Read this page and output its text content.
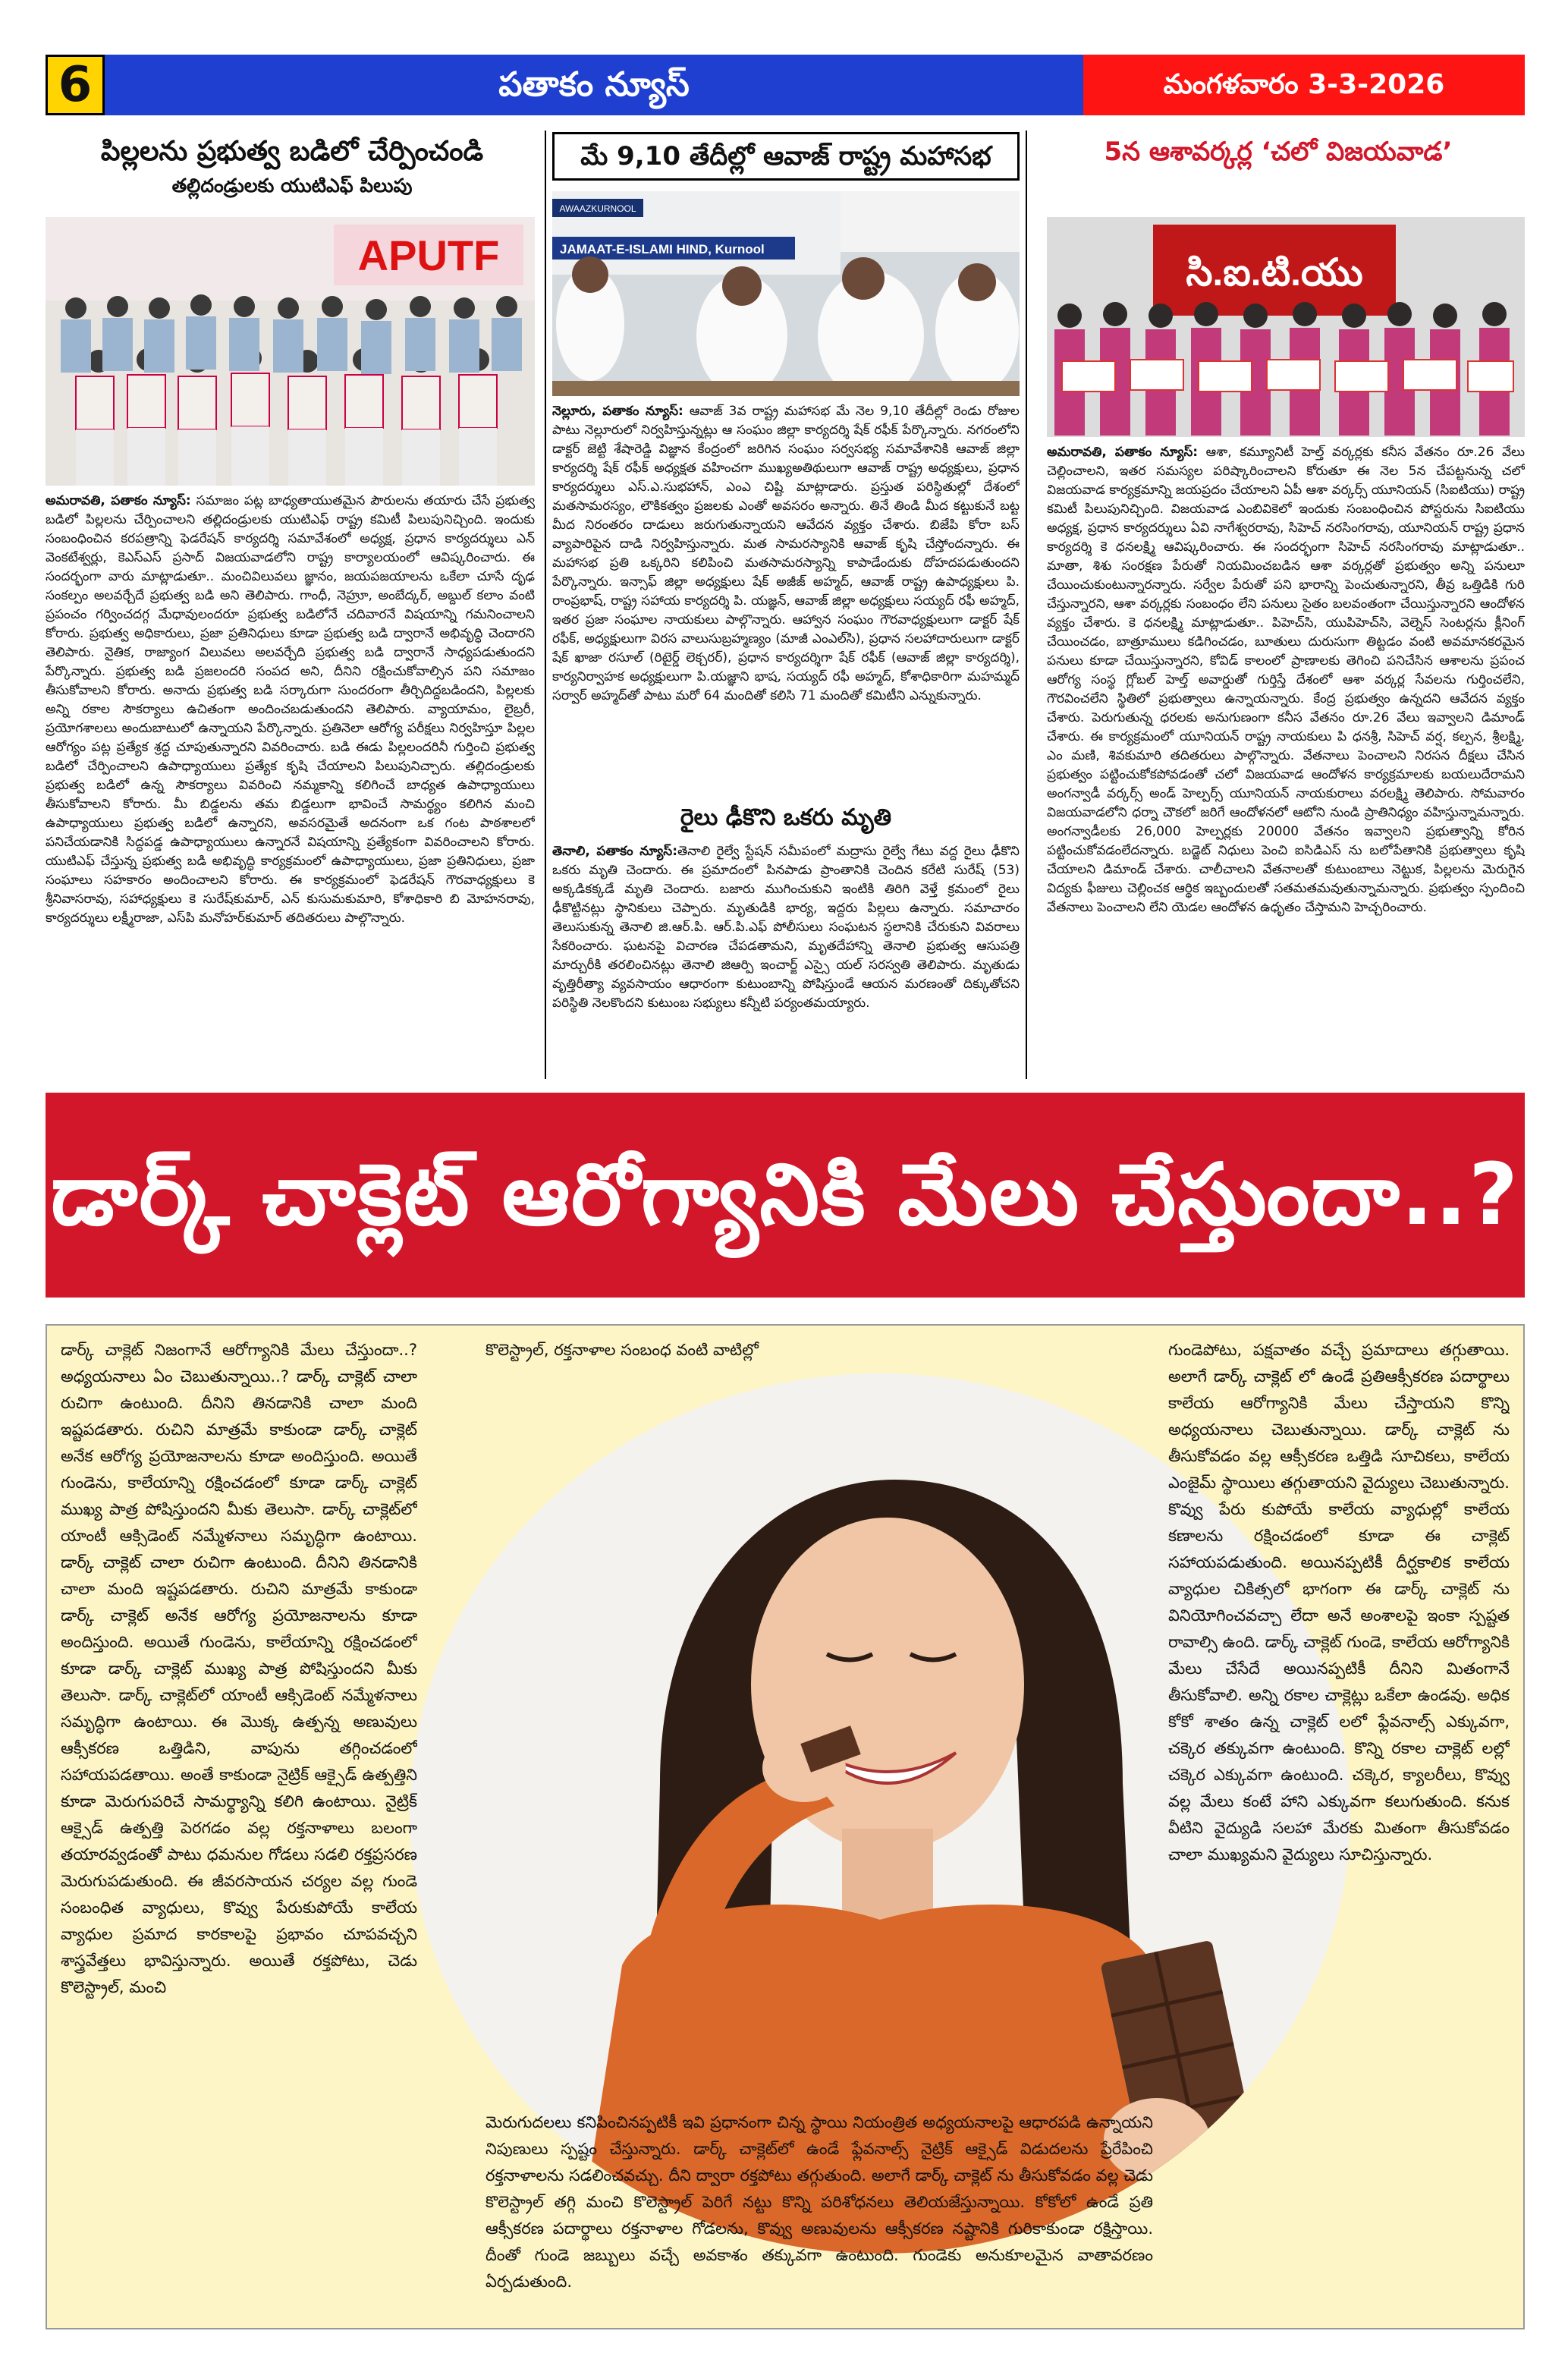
6	పతాకం న్యూస్	మంగళవారం 3-3-2026
పిల్లలను ప్రభుత్వ బడిలో చేర్పించండి
తల్లిదండ్రులకు యుటిఎఫ్ పిలుపు
APUTF
అమరావతి, పతాకం న్యూస్: సమాజం పట్ల బాధ్యతాయుతమైన పౌరులను తయారు చేసే ప్రభుత్వ బడిలో పిల్లలను చేర్పించాలని తల్లిదండ్రులకు యుటిఎఫ్ రాష్ట్ర కమిటీ పిలుపునిచ్చింది. ఇందుకు సంబంధించిన కరపత్రాన్ని ఫెడరేషన్ కార్యదర్శి సమావేశంలో అధ్యక్ష, ప్రధాన కార్యదర్శులు ఎన్ వెంకటేశ్వర్లు, కెఎస్ఎస్ ప్రసాద్ విజయవాడలోని రాష్ట్ర కార్యాలయంలో ఆవిష్కరించారు. ఈ సందర్భంగా వారు మాట్లాడుతూ.. మంచివిలువలు జ్ఞానం, జయపజయాలను ఒకేలా చూసే దృఢ సంకల్పం అలవర్చేదే ప్రభుత్వ బడి అని తెలిపారు. గాంధీ, నెహ్రూ, అంబేద్కర్, అబ్దుల్ కలాం వంటి ప్రపంచం గర్వించదగ్గ మేధావులందరూ ప్రభుత్వ బడిలోనే చదివారనే విషయాన్ని గమనించాలని కోరారు. ప్రభుత్వ అధికారులు, ప్రజా ప్రతినిధులు కూడా ప్రభుత్వ బడి ద్వారానే అభివృద్ధి చెందారని తెలిపారు. నైతిక, రాజ్యాంగ విలువలు అలవర్చేది ప్రభుత్వ బడి ద్వారానే సాధ్యపడుతుందని పేర్కొన్నారు. ప్రభుత్వ బడి ప్రజలందరి సంపద అని, దీనిని రక్షించుకోవాల్సిన పని సమాజం తీసుకోవాలని కోరారు. అనాదు ప్రభుత్వ బడి సర్కారుగా సుందరంగా తీర్చిదిద్దబడిందని, పిల్లలకు అన్ని రకాల సౌకర్యాలు ఉచితంగా అందించబడుతుందని తెలిపారు. వ్యాయామం, లైబ్రరీ, ప్రయోగశాలలు అందుబాటులో ఉన్నాయని పేర్కొన్నారు. ప్రతినెలా ఆరోగ్య పరీక్షలు నిర్వహిస్తూ పిల్లల ఆరోగ్యం పట్ల ప్రత్యేక శ్రద్ధ చూపుతున్నారని వివరించారు. బడి ఈడు పిల్లలందరినీ గుర్తించి ప్రభుత్వ బడిలో చేర్పించాలని ఉపాధ్యాయులు ప్రత్యేక కృషి చేయాలని పిలుపునిచ్చారు. తల్లిదండ్రులకు ప్రభుత్వ బడిలో ఉన్న సౌకర్యాలు వివరించి నమ్మకాన్ని కలిగించే బాధ్యత ఉపాధ్యాయులు తీసుకోవాలని కోరారు. మీ బిడ్డలను తమ బిడ్డలుగా భావించే సామర్థ్యం కలిగిన మంచి ఉపాధ్యాయులు ప్రభుత్వ బడిలో ఉన్నారని, అవసరమైతే అదనంగా ఒక గంట పాఠశాలలో పనిచేయడానికి సిద్ధపడ్డ ఉపాధ్యాయులు ఉన్నారనే విషయాన్ని ప్రత్యేకంగా వివరించాలని కోరారు. యుటిఎఫ్ చేస్తున్న ప్రభుత్వ బడి అభివృద్ధి కార్యక్రమంలో ఉపాధ్యాయులు, ప్రజా ప్రతినిధులు, ప్రజా సంఘాలు సహకారం అందించాలని కోరారు. ఈ కార్యక్రమంలో ఫెడరేషన్ గౌరవాధ్యక్షులు కె శ్రీనివాసరావు, సహాధ్యక్షులు కె సురేష్‌కుమార్, ఎన్ కుసుమకుమారి, కోశాధికారి బి మోహనరావు, కార్యదర్శులు లక్ష్మీరాజా, ఎస్‌పి మనోహర్‌కుమార్ తదితరులు పాల్గొన్నారు.
మే 9,10 తేదీల్లో ఆవాజ్ రాష్ట్ర మహాసభ
JAMAAT-E-ISLAMI HIND, Kurnool
AWAAZKURNOOL
నెల్లూరు, పతాకం న్యూస్: ఆవాజ్ 3వ రాష్ట్ర మహాసభ మే నెల 9,10 తేదీల్లో రెండు రోజుల పాటు నెల్లూరులో నిర్వహిస్తున్నట్లు ఆ సంఘం జిల్లా కార్యదర్శి షేక్ రఫీక్ పేర్కొన్నారు. నగరంలోని డాక్టర్ జెట్టి శేషారెడ్డి విజ్ఞాన కేంద్రంలో జరిగిన సంఘం సర్వసభ్య సమావేశానికి ఆవాజ్ జిల్లా కార్యదర్శి షేక్ రఫీక్ అధ్యక్షత వహించగా ముఖ్యఅతిథులుగా ఆవాజ్ రాష్ట్ర అధ్యక్షులు, ప్రధాన కార్యదర్శులు ఎస్.ఎ.సుభహాన్, ఎంఎ చిష్టి మాట్లాడారు. ప్రస్తుత పరిస్థితుల్లో దేశంలో మతసామరస్యం, లౌకికత్వం ప్రజలకు ఎంతో అవసరం అన్నారు. తినే తిండి మీద కట్టుకునే బట్ట మీద నిరంతరం దాడులు జరుగుతున్నాయని ఆవేదన వ్యక్తం చేశారు. బిజేపి కోరా బస్ వ్యాపారిపైన దాడి నిర్వహిస్తున్నారు. మత సామరస్యానికి ఆవాజ్ కృషి చేస్తోందన్నారు. ఈ మహాసభ ప్రతి ఒక్కరిని కలిపించి మతసామరస్యాన్ని కాపాడేందుకు దోహదపడుతుందని పేర్కొన్నారు. ఇన్సాఫ్ జిల్లా అధ్యక్షులు షేక్ అజీజ్ అహ్మద్, ఆవాజ్ రాష్ట్ర ఉపాధ్యక్షులు పి. రాంప్రభాష్, రాష్ట్ర సహాయ కార్యదర్శి పి. యజ్ఞన్, ఆవాజ్ జిల్లా అధ్యక్షులు సయ్యద్ రఫీ అహ్మద్, ఇతర ప్రజా సంఘాల నాయకులు పాల్గొన్నారు. ఆహ్వాన సంఘం గౌరవాధ్యక్షులుగా డాక్టర్ షేక్ రఫీక్, అధ్యక్షులుగా విరస వాలుసుబ్రహ్మణ్యం (మాజీ ఎంఎల్‌సి), ప్రధాన సలహాదారులుగా డాక్టర్ షేక్ ఖాజా రసూల్ (రిటైర్డ్ లెక్చరర్), ప్రధాన కార్యదర్శిగా షేక్ రఫీక్ (ఆవాజ్ జిల్లా కార్యదర్శి), కార్యనిర్వాహక అధ్యక్షులుగా పి.యజ్ఞాని భాష, సయ్యద్ రఫీ అహ్మద్, కోశాధికారిగా మహమ్మద్ సర్వార్ అహ్మద్‌తో పాటు మరో 64 మందితో కలిసి 71 మందితో కమిటీని ఎన్నుకున్నారు.
రైలు ఢీకొని ఒకరు మృతి
తెనాలి, పతాకం న్యూస్:తెనాలి రైల్వే స్టేషన్ సమీపంలో మద్రాసు రైల్వే గేటు వద్ద రైలు ఢీకొని ఒకరు మృతి చెందారు. ఈ ప్రమాదంలో పినపాడు ప్రాంతానికి చెందిన కరేటి సురేష్ (53) అక్కడికక్కడే మృతి చెందారు. బజారు ముగించుకుని ఇంటికి తిరిగి వెళ్తే క్రమంలో రైలు ఢీకొట్టినట్లు స్థానికులు చెప్పారు. మృతుడికి భార్య, ఇద్దరు పిల్లలు ఉన్నారు. సమాచారం తెలుసుకున్న తెనాలి జి.ఆర్.పి. ఆర్.పి.ఎఫ్ పోలీసులు సంఘటన స్థలానికి చేరుకుని వివరాలు సేకరించారు. ఘటనపై విచారణ చేపడతామని, మృతదేహాన్ని తెనాలి ప్రభుత్వ ఆసుపత్రి మార్చురీకి తరలించినట్లు తెనాలి జిఆర్పి ఇంచార్జ్ ఎస్సై యల్ సరస్వతి తెలిపారు. మృతుడు వృత్తిరీత్యా వ్యవసాయం ఆధారంగా కుటుంబాన్ని పోషిస్తుండే ఆయన మరణంతో దిక్కుతోచని పరిస్థితి నెలకొందని కుటుంబ సభ్యులు కన్నీటి పర్యంతమయ్యారు.
5న ఆశావర్కర్ల ‘చలో విజయవాడ’
సి.ఐ.టి.యు
అమరావతి, పతాకం న్యూస్: ఆశా, కమ్యూనిటీ హెల్త్ వర్కర్లకు కనీస వేతనం రూ.26 వేలు చెల్లించాలని, ఇతర సమస్యల పరిష్కారించాలని కోరుతూ ఈ నెల 5న చేపట్టనున్న చలో విజయవాడ కార్యక్రమాన్ని జయప్రదం చేయాలని ఏపీ ఆశా వర్కర్స్ యూనియన్ (సిఐటియు) రాష్ట్ర కమిటీ పిలుపునిచ్చింది. విజయవాడ ఎంబివికెలో ఇందుకు సంబంధించిన పోస్టరును సిఐటియు అధ్యక్ష, ప్రధాన కార్యదర్శులు ఏవి నాగేశ్వరరావు, సిహెచ్ నరసింగరావు, యూనియన్ రాష్ట్ర ప్రధాన కార్యదర్శి కె ధనలక్ష్మి ఆవిష్కరించారు. ఈ సందర్భంగా సిహెచ్ నరసింగరావు మాట్లాడుతూ.. మాతా, శిశు సంరక్షణ పేరుతో నియమించబడిన ఆశా వర్కర్లతో ప్రభుత్వం అన్ని పనులూ చేయించుకుంటున్నారన్నారు. సర్వేల పేరుతో పని భారాన్ని పెంచుతున్నారని, తీవ్ర ఒత్తిడికి గురి చేస్తున్నారని, ఆశా వర్కర్లకు సంబంధం లేని పనులు సైతం బలవంతంగా చేయిస్తున్నారని ఆందోళన వ్యక్తం చేశారు. కె ధనలక్ష్మి మాట్లాడుతూ.. పిహెచ్‌సి, యుపిహెచ్‌సి, వెల్నెస్ సెంటర్లను క్లీనింగ్ చేయించడం, బాత్రూములు కడిగించడం, బూతులు దురుసుగా తిట్టడం వంటి అవమానకరమైన పనులు కూడా చేయిస్తున్నారని, కోవిడ్ కాలంలో ప్రాణాలకు తెగించి పనిచేసిన ఆశాలను ప్రపంచ ఆరోగ్య సంస్థ గ్లోబల్ హెల్త్ అవార్డుతో గుర్తిస్తే దేశంలో ఆశా వర్కర్ల సేవలను గుర్తించలేని, గౌరవించలేని స్థితిలో ప్రభుత్వాలు ఉన్నాయన్నారు. కేంద్ర ప్రభుత్వం ఉన్నదని ఆవేదన వ్యక్తం చేశారు. పెరుగుతున్న ధరలకు అనుగుణంగా కనీస వేతనం రూ.26 వేలు ఇవ్వాలని డిమాండ్ చేశారు. ఈ కార్యక్రమంలో యూనియన్ రాష్ట్ర నాయకులు పి ధనశ్రీ, సిహెచ్ వర్ష, కల్పన, శ్రీలక్ష్మి, ఎం మణి, శివకుమారి తదితరులు పాల్గొన్నారు. వేతనాలు పెంచాలని నిరసన దీక్షలు చేసిన ప్రభుత్వం పట్టించుకోకపోవడంతో చలో విజయవాడ ఆందోళన కార్యక్రమాలకు బయలుదేరామని అంగన్వాడీ వర్కర్స్ అండ్ హెల్పర్స్ యూనియన్ నాయకురాలు వరలక్ష్మి తెలిపారు. సోమవారం విజయవాడలోని ధర్నా చౌకలో జరిగే ఆందోళనలో ఆటోని నుండి ప్రాతినిధ్యం వహిస్తున్నామన్నారు. అంగన్వాడీలకు 26,000 హెల్పర్లకు 20000 వేతనం ఇవ్వాలని ప్రభుత్వాన్ని కోరిన పట్టించుకోవడంలేదన్నారు. బడ్జెట్ నిధులు పెంచి ఐసిడిఎస్ ను బలోపేతానికి ప్రభుత్వాలు కృషి చేయాలని డిమాండ్ చేశారు. చాలీచాలని వేతనాలతో కుటుంబాలు నెట్టుక, పిల్లలను మెరుగైన విద్యకు ఫీజులు చెల్లించక ఆర్థిక ఇబ్బందులతో సతమతమవుతున్నామన్నారు. ప్రభుత్వం స్పందించి వేతనాలు పెంచాలని లేని యెడల ఆందోళన ఉధృతం చేస్తామని హెచ్చరించారు.
డార్క్ చాక్లెట్ ఆరోగ్యానికి మేలు చేస్తుందా..?
డార్క్ చాక్లెట్ నిజంగానే ఆరోగ్యానికి మేలు చేస్తుందా..? అధ్యయనాలు ఏం చెబుతున్నాయి..? డార్క్ చాక్లెట్ చాలా రుచిగా ఉంటుంది. దీనిని తినడానికి చాలా మంది ఇష్టపడతారు. రుచిని మాత్రమే కాకుండా డార్క్ చాక్లెట్ అనేక ఆరోగ్య ప్రయోజనాలను కూడా అందిస్తుంది. అయితే గుండెను, కాలేయాన్ని రక్షించడంలో కూడా డార్క్ చాక్లెట్ ముఖ్య పాత్ర పోషిస్తుందని మీకు తెలుసా. డార్క్ చాక్లెట్‌లో యాంటీ ఆక్సిడెంట్ నమ్మేళనాలు సమృద్ధిగా ఉంటాయి. డార్క్ చాక్లెట్ చాలా రుచిగా ఉంటుంది. దీనిని తినడానికి చాలా మంది ఇష్టపడతారు. రుచిని మాత్రమే కాకుండా డార్క్ చాక్లెట్ అనేక ఆరోగ్య ప్రయోజనాలను కూడా అందిస్తుంది. అయితే గుండెను, కాలేయాన్ని రక్షించడంలో కూడా డార్క్ చాక్లెట్ ముఖ్య పాత్ర పోషిస్తుందని మీకు తెలుసా. డార్క్ చాక్లెట్‌లో యాంటీ ఆక్సిడెంట్ నమ్మేళనాలు సమృద్ధిగా ఉంటాయి. ఈ మొక్క ఉత్పన్న అణువులు ఆక్సీకరణ ఒత్తిడిని, వాపును తగ్గించడంలో సహాయపడతాయి. అంతే కాకుండా నైట్రిక్ ఆక్సైడ్ ఉత్పత్తిని కూడా మెరుగుపరిచే సామర్థ్యాన్ని కలిగి ఉంటాయి. నైట్రిక్ ఆక్సైడ్ ఉత్పత్తి పెరగడం వల్ల రక్తనాళాలు బలంగా తయారవ్వడంతో పాటు ధమనుల గోడలు సడలి రక్తప్రసరణ మెరుగుపడుతుంది. ఈ జీవరసాయన చర్యల వల్ల గుండె సంబంధిత వ్యాధులు, కొవ్వు పేరుకుపోయే కాలేయ వ్యాధుల ప్రమాద కారకాలపై ప్రభావం చూపవచ్చని శాస్త్రవేత్తలు భావిస్తున్నారు. అయితే రక్తపోటు, చెడు కొలెస్ట్రాల్, మంచి
కొలెస్ట్రాల్, రక్తనాళాల సంబంధ వంటి వాటిల్లో
మెరుగుదలలు కనిపించినప్పటికీ ఇవి ప్రధానంగా చిన్న స్థాయి నియంత్రిత అధ్యయనాలపై ఆధారపడి ఉన్నాయని నిపుణులు స్పష్టం చేస్తున్నారు. డార్క్ చాక్లెట్‌లో ఉండే ఫ్లేవనాల్స్ నైట్రిక్ ఆక్సైడ్ విడుదలను ప్రేరేపించి రక్తనాళాలను సడలించవచ్చు. దీని ద్వారా రక్తపోటు తగ్గుతుంది. అలాగే డార్క్ చాక్లెట్ ను తీసుకోవడం వల్ల చెడు కొలెస్ట్రాల్ తగ్గి మంచి కొలెస్ట్రాల్ పెరిగే నట్టు కొన్ని పరిశోధనలు తెలియజేస్తున్నాయి. కోకోలో ఉండే ప్రతి ఆక్సీకరణ పదార్థాలు రక్తనాళాల గోడలను, కొవ్వు అణువులను ఆక్సీకరణ నష్టానికి గురికాకుండా రక్షిస్తాయి. దీంతో గుండె జబ్బులు వచ్చే అవకాశం తక్కువగా ఉంటుంది. గుండెకు అనుకూలమైన వాతావరణం ఏర్పడుతుంది.
గుండెపోటు, పక్షవాతం వచ్చే ప్రమాదాలు తగ్గుతాయి. అలాగే డార్క్ చాక్లెట్ లో ఉండే ప్రతిఆక్సీకరణ పదార్థాలు కాలేయ ఆరోగ్యానికి మేలు చేస్తాయని కొన్ని అధ్యయనాలు చెబుతున్నాయి. డార్క్ చాక్లెట్ ను తీసుకోవడం వల్ల ఆక్సీకరణ ఒత్తిడి సూచికలు, కాలేయ ఎంజైమ్ స్థాయిలు తగ్గుతాయని వైద్యులు చెబుతున్నారు. కొవ్వు పేరు కుపోయే కాలేయ వ్యాధుల్లో కాలేయ కణాలను రక్షించడంలో కూడా ఈ చాక్లెట్ సహాయపడుతుంది. అయినప్పటికీ దీర్ఘకాలిక కాలేయ వ్యాధుల చికిత్సలో భాగంగా ఈ డార్క్ చాక్లెట్ ను వినియోగించవచ్చా లేదా అనే అంశాలపై ఇంకా స్పష్టత రావాల్సి ఉంది. డార్క్ చాక్లెట్ గుండె, కాలేయ ఆరోగ్యానికి మేలు చేసేదే అయినప్పటికీ దీనిని మితంగానే తీసుకోవాలి. అన్ని రకాల చాక్లెట్లు ఒకేలా ఉండవు. అధిక కోకో శాతం ఉన్న చాక్లెట్ లలో ఫ్లేవనాల్స్ ఎక్కువగా, చక్కెర తక్కువగా ఉంటుంది. కొన్ని రకాల చాక్లెట్ లల్లో చక్కెర ఎక్కువగా ఉంటుంది. చక్కెర, క్యాలరీలు, కొవ్వు వల్ల మేలు కంటే హాని ఎక్కువగా కలుగుతుంది. కనుక వీటిని వైద్యుడి సలహా మేరకు మితంగా తీసుకోవడం చాలా ముఖ్యమని వైద్యులు సూచిస్తున్నారు.
